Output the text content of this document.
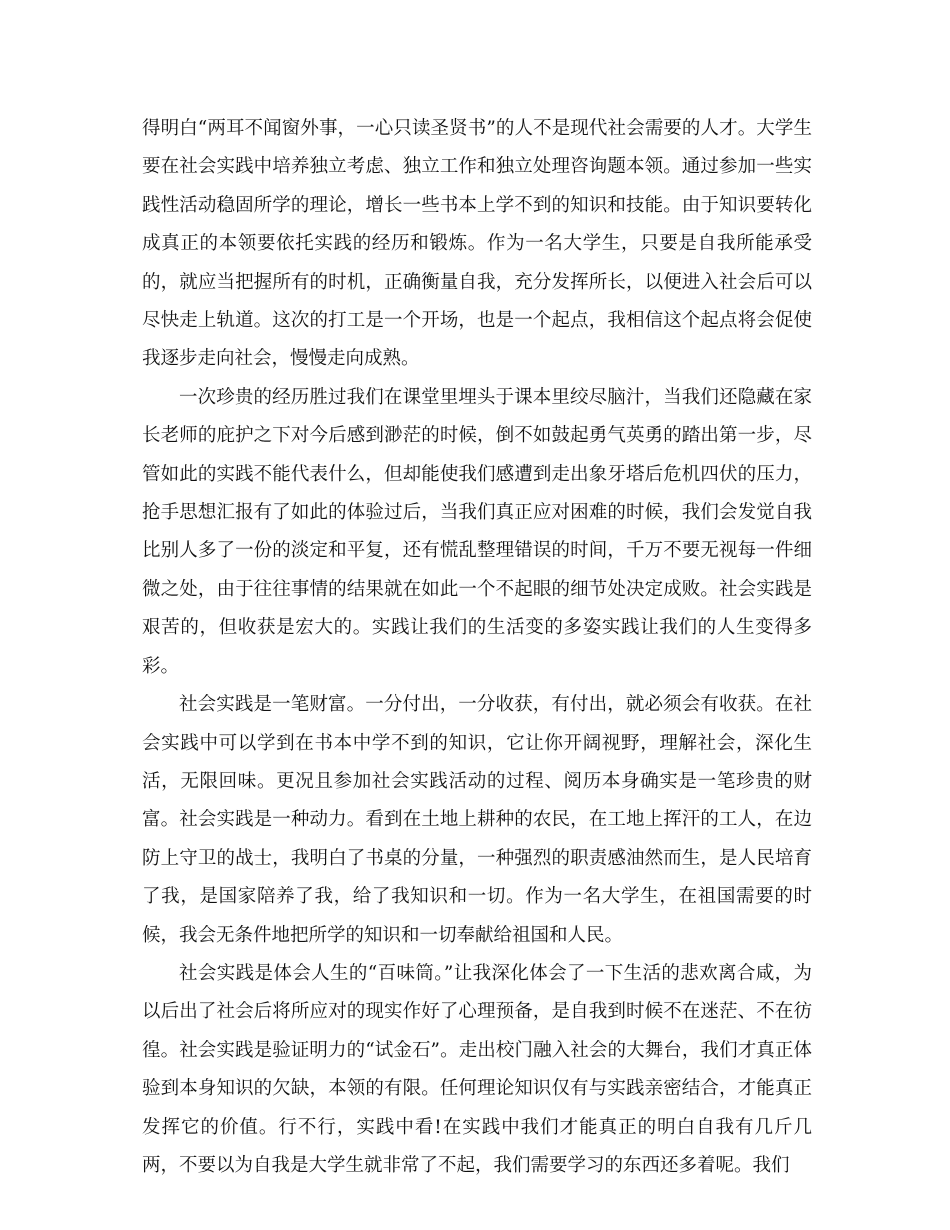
得明白“两耳不闻窗外事，一心只读圣贤书”的人不是现代社会需要的人才。大学生要在社会实践中培养独立考虑、独立工作和独立处理咨询题本领。通过参加一些实践性活动稳固所学的理论，增长一些书本上学不到的知识和技能。由于知识要转化成真正的本领要依托实践的经历和锻炼。作为一名大学生，只要是自我所能承受的，就应当把握所有的时机，正确衡量自我，充分发挥所长，以便进入社会后可以尽快走上轨道。这次的打工是一个开场，也是一个起点，我相信这个起点将会促使我逐步走向社会，慢慢走向成熟。

一次珍贵的经历胜过我们在课堂里埋头于课本里绞尽脑汁，当我们还隐藏在家长老师的庇护之下对今后感到渺茫的时候，倒不如鼓起勇气英勇的踏出第一步，尽管如此的实践不能代表什么，但却能使我们感遭到走出象牙塔后危机四伏的压力，抢手思想汇报有了如此的体验过后，当我们真正应对困难的时候，我们会发觉自我比别人多了一份的淡定和平复，还有慌乱整理错误的时间，千万不要无视每一件细微之处，由于往往事情的结果就在如此一个不起眼的细节处决定成败。社会实践是艰苦的，但收获是宏大的。实践让我们的生活变的多姿实践让我们的人生变得多彩。

社会实践是一笔财富。一分付出，一分收获，有付出，就必须会有收获。在社会实践中可以学到在书本中学不到的知识，它让你开阔视野，理解社会，深化生活，无限回味。更况且参加社会实践活动的过程、阅历本身确实是一笔珍贵的财富。社会实践是一种动力。看到在土地上耕种的农民，在工地上挥汗的工人，在边防上守卫的战士，我明白了书桌的分量，一种强烈的职责感油然而生，是人民培育了我，是国家陪养了我，给了我知识和一切。作为一名大学生，在祖国需要的时候，我会无条件地把所学的知识和一切奉献给祖国和人民。

社会实践是体会人生的“百味筒。”让我深化体会了一下生活的悲欢离合咸，为以后出了社会后将所应对的现实作好了心理预备，是自我到时候不在迷茫、不在彷徨。社会实践是验证明力的“试金石”。走出校门融入社会的大舞台，我们才真正体验到本身知识的欠缺，本领的有限。任何理论知识仅有与实践亲密结合，才能真正发挥它的价值。行不行，实践中看!在实践中我们才能真正的明白自我有几斤几两，不要以为自我是大学生就非常了不起，我们需要学习的东西还多着呢。我们
